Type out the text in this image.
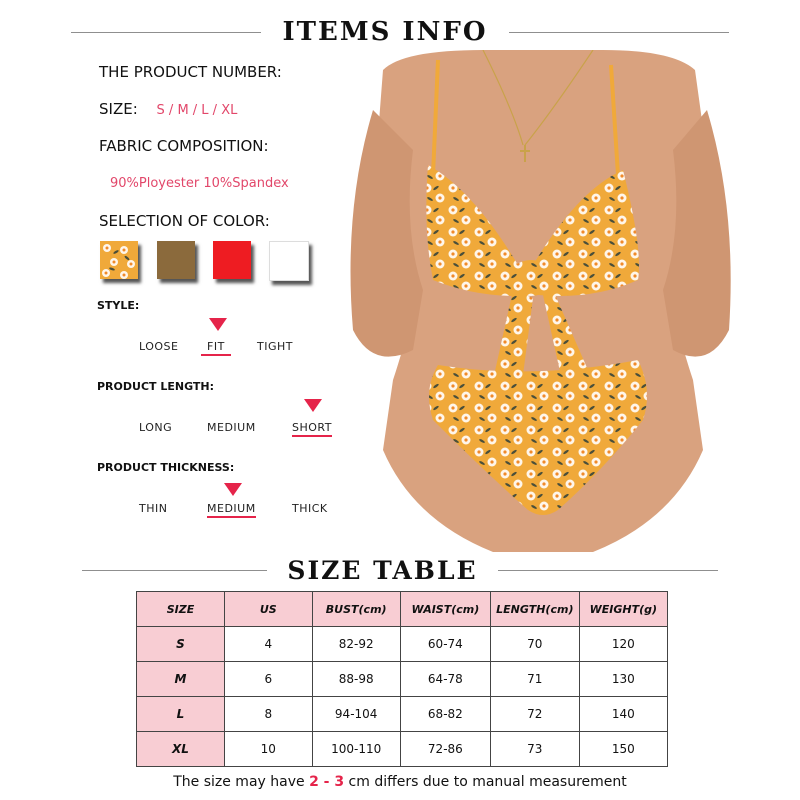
ITEMS INFO
THE PRODUCT NUMBER:
SIZE: S / M / L / XL
FABRIC COMPOSITION:
90%Ployester 10%Spandex
SELECTION OF COLOR:
STYLE:
LOOSE	FIT	TIGHT
PRODUCT LENGTH:
LONG	MEDIUM	SHORT
PRODUCT THICKNESS:
THIN	MEDIUM	THICK
SIZE TABLE
SIZE	US	BUST(cm)	WAIST(cm)	LENGTH(cm)	WEIGHT(g)
S	4	82-92	60-74	70	120
M	6	88-98	64-78	71	130
L	8	94-104	68-82	72	140
XL	10	100-110	72-86	73	150
The size may have 2 - 3 cm differs due to manual measurement
